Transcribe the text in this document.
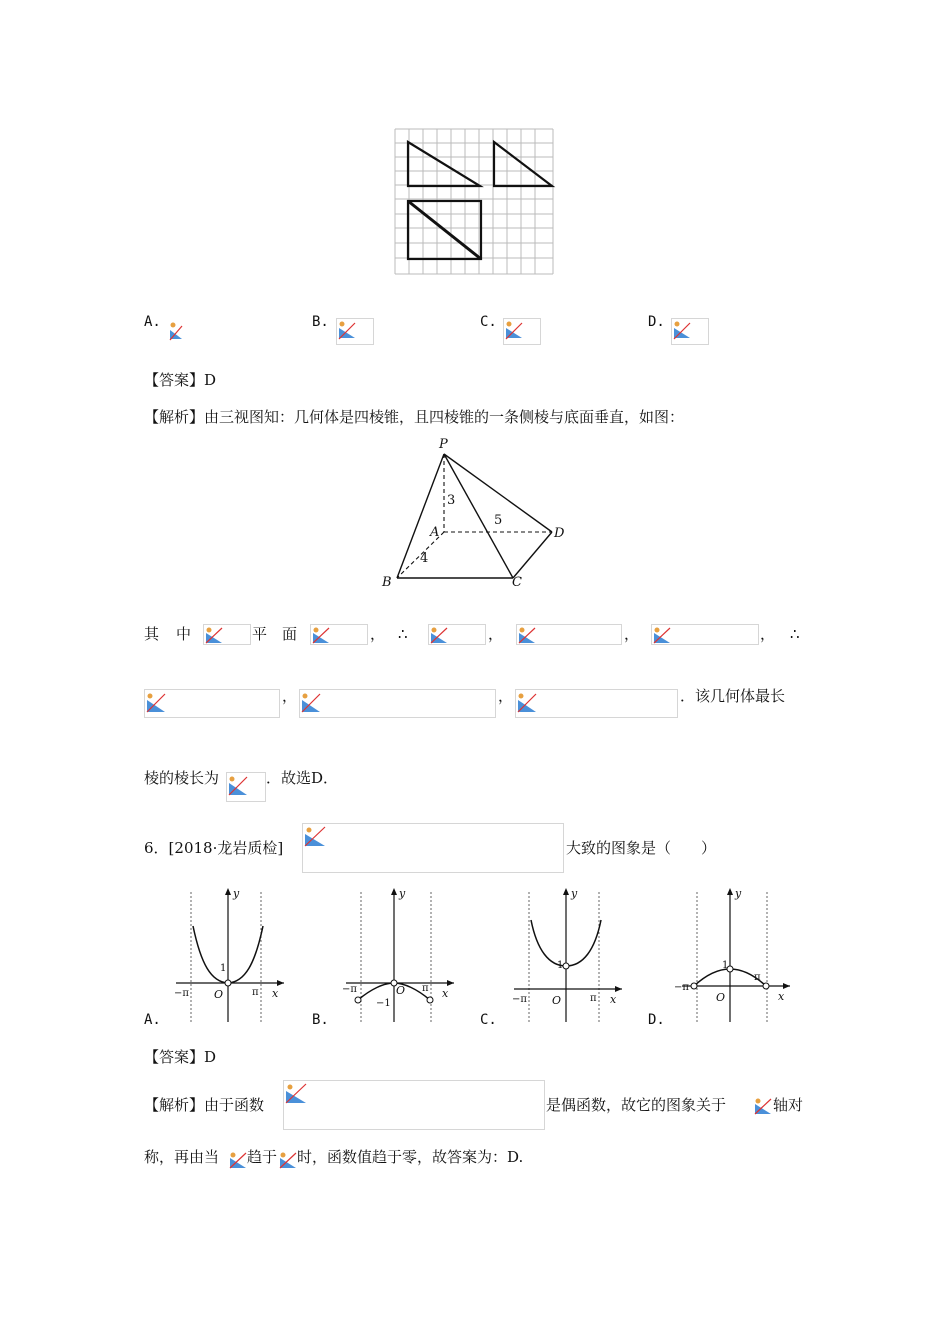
A.	B.	C.	D.
【答案】D
【解析】由三视图知：几何体是四棱锥，且四棱锥的一条侧棱与底面垂直，如图：
P
A
B	C
D
3
4
5
其 中	平 面	， ∴	，	，	， ∴
，	，	．该几何体最长
棱的棱长为	．故选D．
6．[2018·龙岩质检]	大致的图象是（　　）
y
x
O
1
−π	π
y
x
O
−π	π
−1
y
x
O
1
−π	π
y
x
O
1
−π
π
A.	B.	C.	D.
【答案】D
【解析】由于函数	是偶函数，故它的图象关于	轴对
称，再由当 趋于 时，函数值趋于零，故答案为：D.
